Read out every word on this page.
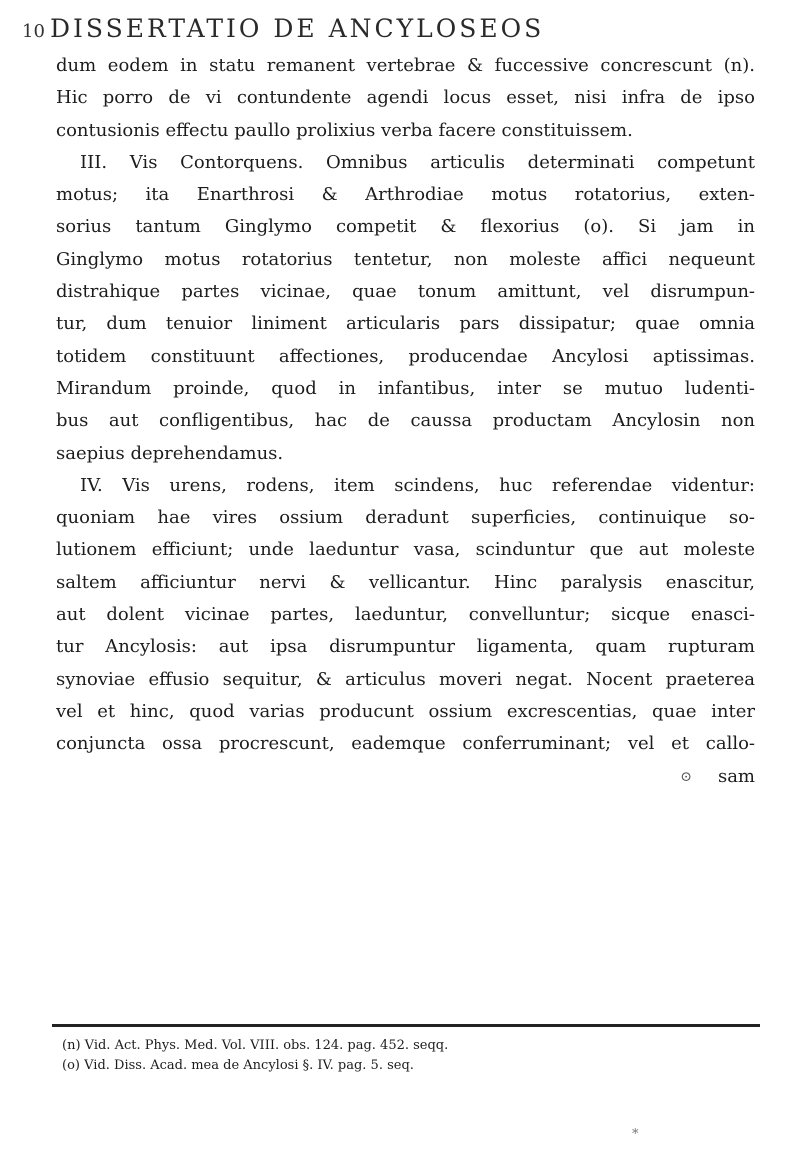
10 DISSERTATIO DE ANCYLOSEOS
dum eodem in statu remanent vertebrae & fuccessive concrescunt (n).
Hic porro de vi contundente agendi locus esset, nisi infra de ipso
contusionis effectu paullo prolixius verba facere constituissem.
III. Vis Contorquens. Omnibus articulis determinati competunt
motus; ita Enarthrosi & Arthrodiae motus rotatorius, exten-
sorius tantum Ginglymo competit & flexorius (o). Si jam in
Ginglymo motus rotatorius tentetur, non moleste affici nequeunt
distrahique partes vicinae, quae tonum amittunt, vel disrumpun-
tur, dum tenuior liniment articularis pars dissipatur; quae omnia
totidem constituunt affectiones, producendae Ancylosi aptissimas.
Mirandum proinde, quod in infantibus, inter se mutuo ludenti-
bus aut confligentibus, hac de caussa productam Ancylosin non
saepius deprehendamus.
IV. Vis urens, rodens, item scindens, huc referendae videntur:
quoniam hae vires ossium deradunt superficies, continuique so-
lutionem efficiunt; unde laeduntur vasa, scinduntur que aut moleste
saltem afficiuntur nervi & vellicantur. Hinc paralysis enascitur,
aut dolent vicinae partes, laeduntur, convelluntur; sicque enasci-
tur Ancylosis: aut ipsa disrumpuntur ligamenta, quam rupturam
synoviae effusio sequitur, & articulus moveri negat. Nocent praeterea
vel et hinc, quod varias producunt ossium excrescentias, quae inter
conjuncta ossa procrescunt, eademque conferruminant; vel et callo-
⊙ sam
(n) Vid. Act. Phys. Med. Vol. VIII. obs. 124. pag. 452. seqq.
(o) Vid. Diss. Acad. mea de Ancylosi §. IV. pag. 5. seq.
*
